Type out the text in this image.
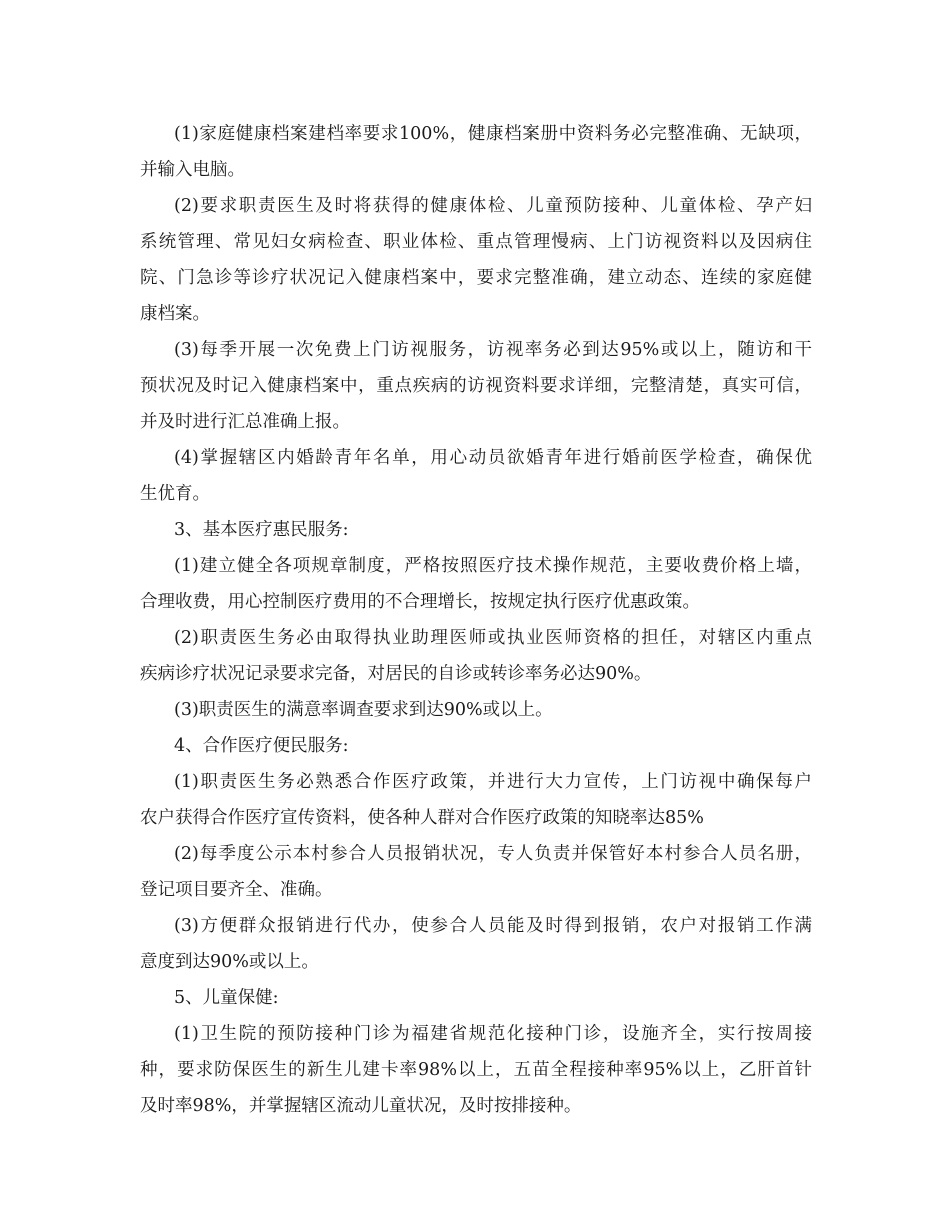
(1)家庭健康档案建档率要求100%，健康档案册中资料务必完整准确、无缺项，
并输入电脑。
(2)要求职责医生及时将获得的健康体检、儿童预防接种、儿童体检、孕产妇
系统管理、常见妇女病检查、职业体检、重点管理慢病、上门访视资料以及因病住
院、门急诊等诊疗状况记入健康档案中，要求完整准确，建立动态、连续的家庭健
康档案。
(3)每季开展一次免费上门访视服务，访视率务必到达95%或以上，随访和干
预状况及时记入健康档案中，重点疾病的访视资料要求详细，完整清楚，真实可信，
并及时进行汇总准确上报。
(4)掌握辖区内婚龄青年名单，用心动员欲婚青年进行婚前医学检查，确保优
生优育。
3、基本医疗惠民服务:
(1)建立健全各项规章制度，严格按照医疗技术操作规范，主要收费价格上墙，
合理收费，用心控制医疗费用的不合理增长，按规定执行医疗优惠政策。
(2)职责医生务必由取得执业助理医师或执业医师资格的担任，对辖区内重点
疾病诊疗状况记录要求完备，对居民的自诊或转诊率务必达90%。
(3)职责医生的满意率调查要求到达90%或以上。
4、合作医疗便民服务:
(1)职责医生务必熟悉合作医疗政策，并进行大力宣传，上门访视中确保每户
农户获得合作医疗宣传资料，使各种人群对合作医疗政策的知晓率达85%
(2)每季度公示本村参合人员报销状况，专人负责并保管好本村参合人员名册，
登记项目要齐全、准确。
(3)方便群众报销进行代办，使参合人员能及时得到报销，农户对报销工作满
意度到达90%或以上。
5、儿童保健:
(1)卫生院的预防接种门诊为福建省规范化接种门诊，设施齐全，实行按周接
种，要求防保医生的新生儿建卡率98%以上，五苗全程接种率95%以上，乙肝首针
及时率98%，并掌握辖区流动儿童状况，及时按排接种。
